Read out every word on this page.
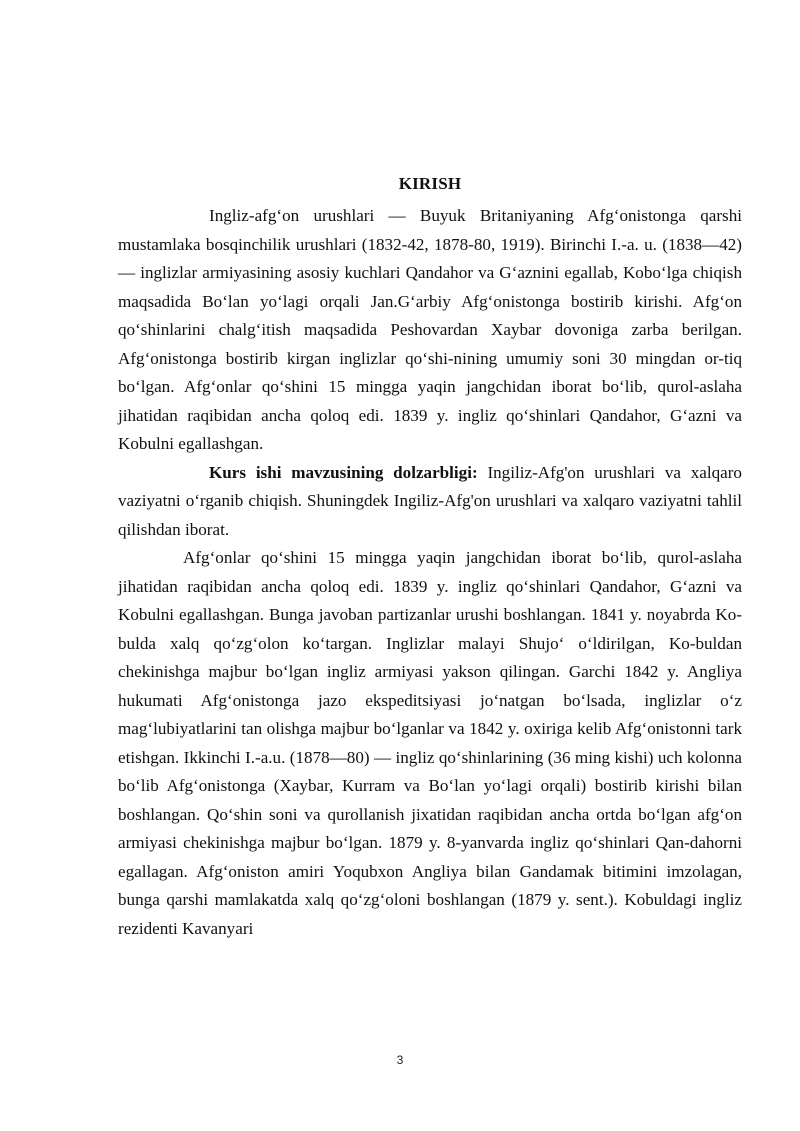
KIRISH

Ingliz-afg‘on urushlari — Buyuk Britaniyaning Afg‘onistonga qarshi mustamlaka bosqinchilik urushlari (1832-42, 1878-80, 1919). Birinchi I.-a. u. (1838—42) — inglizlar armiyasining asosiy kuchlari Qandahor va G‘aznini egallab, Kobo‘lga chiqish maqsadida Bo‘lan yo‘lagi orqali Jan.G‘arbiy Afg‘onistonga bostirib kirishi. Afg‘on qo‘shinlarini chalg‘itish maqsadida Peshovardan Xaybar dovoniga zarba berilgan. Afg‘onistonga bostirib kirgan inglizlar qo‘shi-nining umumiy soni 30 mingdan or-tiq bo‘lgan. Afg‘onlar qo‘shini 15 mingga yaqin jangchidan iborat bo‘lib, qurol-aslaha jihatidan raqibidan ancha qoloq edi. 1839 y. ingliz qo‘shinlari Qandahor, G‘azni va Kobulni egallashgan.

Kurs ishi mavzusining dolzarbligi: Ingiliz-Afg'on urushlari va xalqaro vaziyatni o‘rganib chiqish. Shuningdek Ingiliz-Afg'on urushlari va xalqaro vaziyatni tahlil qilishdan iborat.

Afg‘onlar qo‘shini 15 mingga yaqin jangchidan iborat bo‘lib, qurol-aslaha jihatidan raqibidan ancha qoloq edi. 1839 y. ingliz qo‘shinlari Qandahor, G‘azni va Kobulni egallashgan. Bunga javoban partizanlar urushi boshlangan. 1841 y. noyabrda Ko-bulda xalq qo‘zg‘olon ko‘targan. Inglizlar malayi Shujo‘ o‘ldirilgan, Ko-buldan chekinishga majbur bo‘lgan ingliz armiyasi yakson qilingan. Garchi 1842 y. Angliya hukumati Afg‘onistonga jazo ekspeditsiyasi jo‘natgan bo‘lsada, inglizlar o‘z mag‘lubiyatlarini tan olishga majbur bo‘lganlar va 1842 y. oxiriga kelib Afg‘onistonni tark etishgan. Ikkinchi I.-a.u. (1878—80) — ingliz qo‘shinlarining (36 ming kishi) uch kolonna bo‘lib Afg‘onistonga (Xaybar, Kurram va Bo‘lan yo‘lagi orqali) bostirib kirishi bilan boshlangan. Qo‘shin soni va qurollanish jixatidan raqibidan ancha ortda bo‘lgan afg‘on armiyasi chekinishga majbur bo‘lgan. 1879 y. 8-yanvarda ingliz qo‘shinlari Qan-dahorni egallagan. Afg‘oniston amiri Yoqubxon Angliya bilan Gandamak bitimini imzolagan, bunga qarshi mamlakatda xalq qo‘zg‘oloni boshlangan (1879 y. sent.). Kobuldagi ingliz rezidenti Kavanyari

3
